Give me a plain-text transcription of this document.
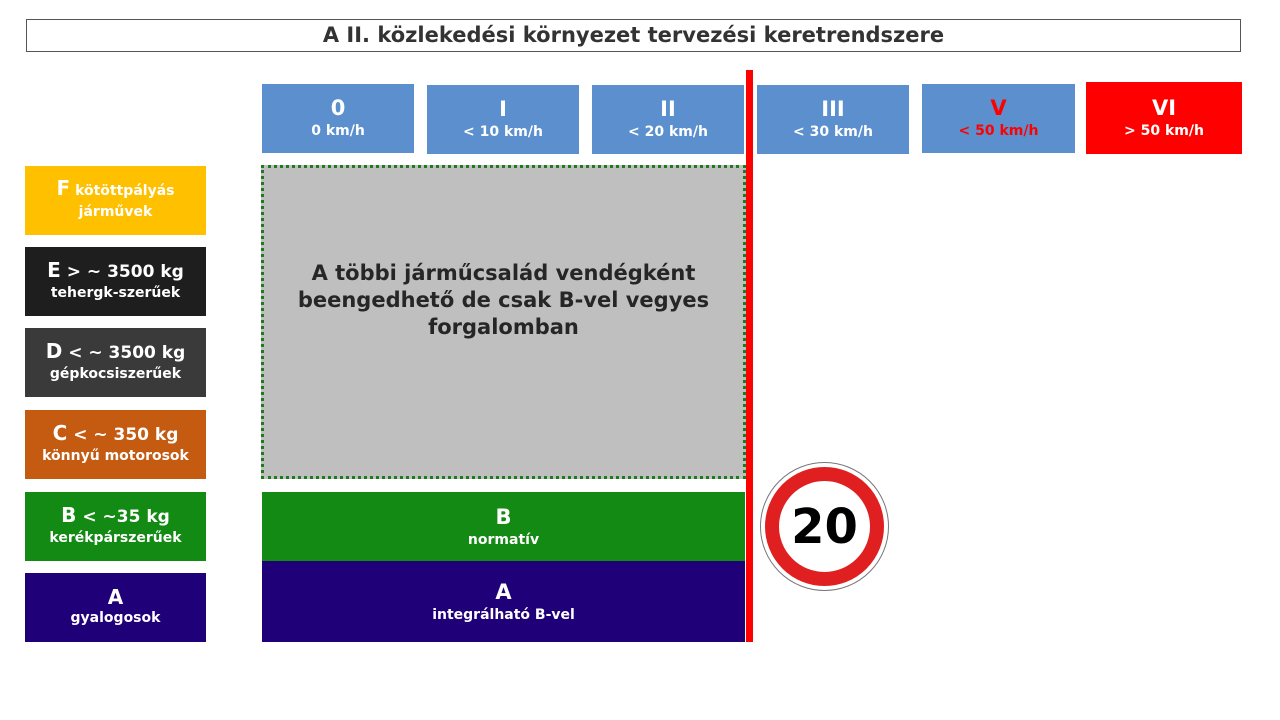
A II. közlekedési környezet tervezési keretrendszere
0
0 km/h
I
< 10 km/h
II
< 20 km/h
III
< 30 km/h
V
< 50 km/h
VI
> 50 km/h
F kötöttpályás
járművek
E > ~ 3500 kg
tehergk-szerűek
D < ~ 3500 kg
gépkocsiszerűek
C < ~ 350 kg
könnyű motorosok
B < ~35 kg
kerékpárszerűek
A
gyalogosok
A többi járműcsalád vendégként beengedhető de csak B-vel vegyes forgalomban
B
normatív
A
integrálható B-vel
20
